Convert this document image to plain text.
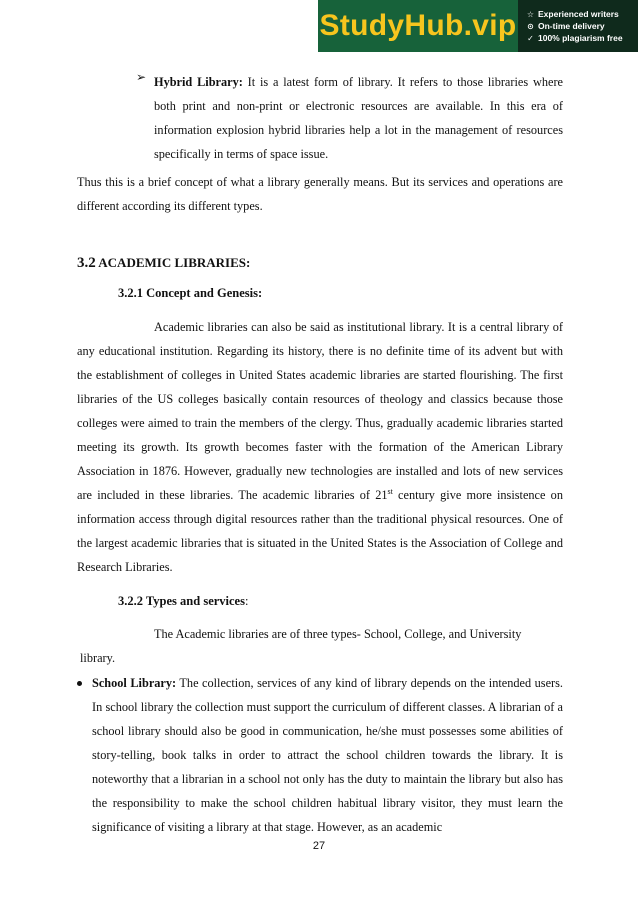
StudyHub.vip ☆ Experienced writers
⊙ On-time delivery
✓ 100% plagiarism free
➢ Hybrid Library: It is a latest form of library. It refers to those libraries where both print and non-print or electronic resources are available. In this era of information explosion hybrid libraries help a lot in the management of resources specifically in terms of space issue.

Thus this is a brief concept of what a library generally means. But its services and operations are different according its different types.

3.2 ACADEMIC LIBRARIES:
3.2.1 Concept and Genesis:

Academic libraries can also be said as institutional library. It is a central library of any educational institution. Regarding its history, there is no definite time of its advent but with the establishment of colleges in United States academic libraries are started flourishing. The first libraries of the US colleges basically contain resources of theology and classics because those colleges were aimed to train the members of the clergy. Thus, gradually academic libraries started meeting its growth. Its growth becomes faster with the formation of the American Library Association in 1876. However, gradually new technologies are installed and lots of new services are included in these libraries. The academic libraries of 21st century give more insistence on information access through digital resources rather than the traditional physical resources. One of the largest academic libraries that is situated in the United States is the Association of College and Research Libraries.

3.2.2 Types and services:

The Academic libraries are of three types- School, College, and University

library.

School Library: The collection, services of any kind of library depends on the intended users. In school library the collection must support the curriculum of different classes. A librarian of a school library should also be good in communication, he/she must possesses some abilities of story-telling, book talks in order to attract the school children towards the library. It is noteworthy that a librarian in a school not only has the duty to maintain the library but also has the responsibility to make the school children habitual library visitor, they must learn the significance of visiting a library at that stage. However, as an academic

27
